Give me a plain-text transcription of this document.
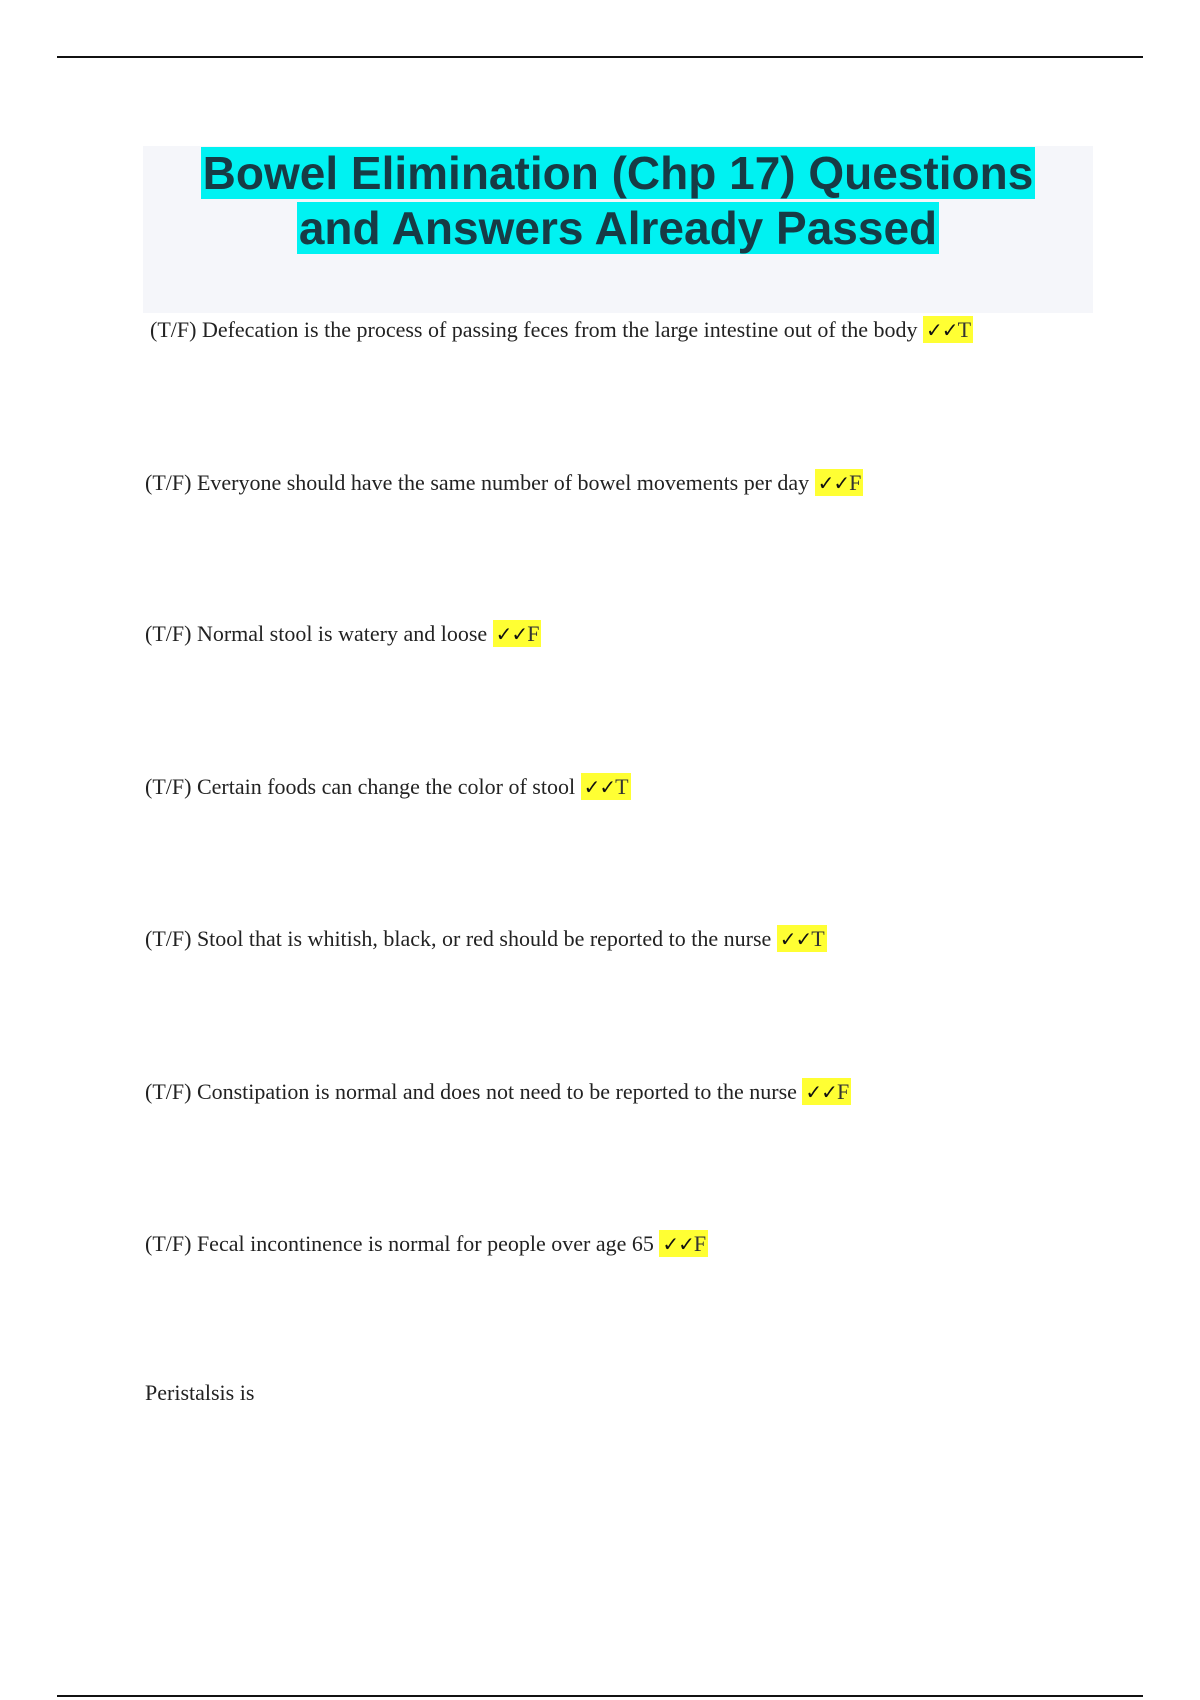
Bowel Elimination (Chp 17) Questions
and Answers Already Passed
(T/F) Defecation is the process of passing feces from the large intestine out of the body ✓✓T
(T/F) Everyone should have the same number of bowel movements per day ✓✓F
(T/F) Normal stool is watery and loose ✓✓F
(T/F) Certain foods can change the color of stool ✓✓T
(T/F) Stool that is whitish, black, or red should be reported to the nurse ✓✓T
(T/F) Constipation is normal and does not need to be reported to the nurse ✓✓F
(T/F) Fecal incontinence is normal for people over age 65 ✓✓F
Peristalsis is
